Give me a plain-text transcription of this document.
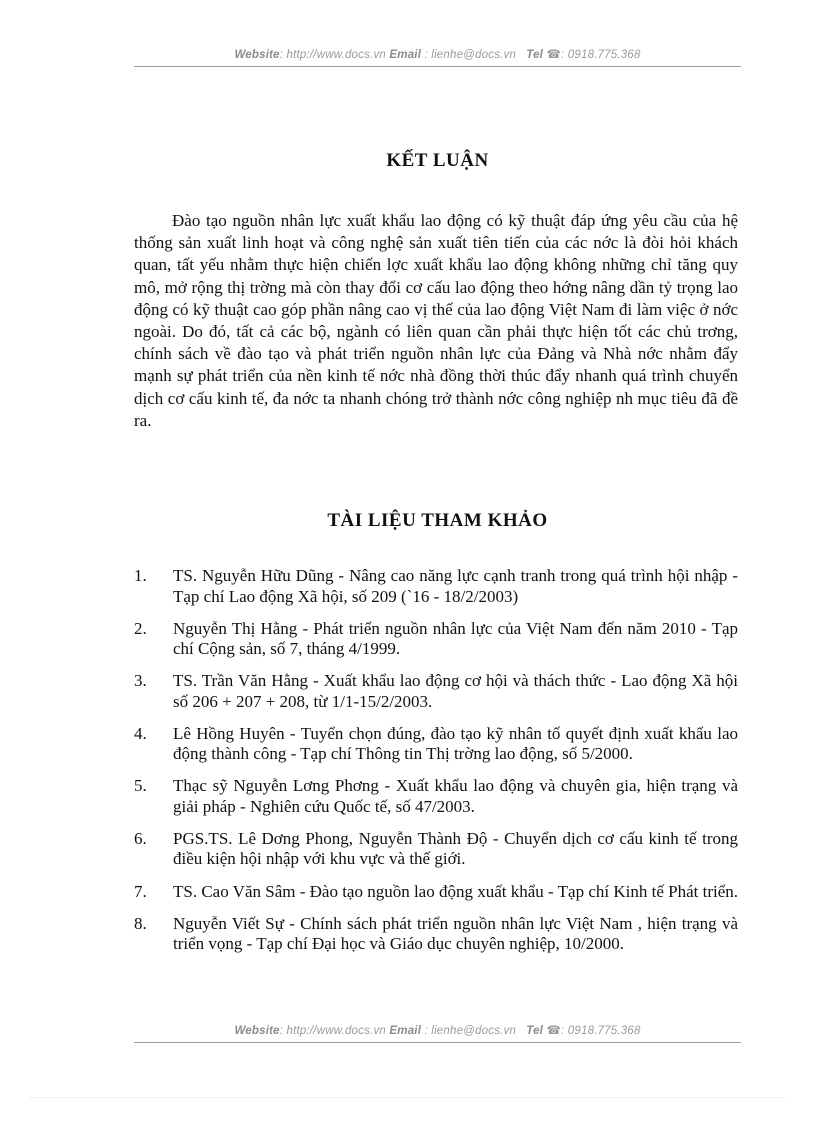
Website: http://www.docs.vn Email : lienhe@docs.vn Tel ☎: 0918.775.368
KẾT LUẬN

Đào tạo nguồn nhân lực xuất khẩu lao động có kỹ thuật đáp ứng yêu cầu của hệ thống sản xuất linh hoạt và công nghệ sản xuất tiên tiến của các nớc là đòi hỏi khách quan, tất yếu nhằm thực hiện chiến lợc xuất khẩu lao động không những chỉ tăng quy mô, mở rộng thị trờng mà còn thay đổi cơ cấu lao động theo hớng nâng dần tỷ trọng lao động có kỹ thuật cao góp phần nâng cao vị thế của lao động Việt Nam đi làm việc ở nớc ngoài. Do đó, tất cả các bộ, ngành có liên quan cần phải thực hiện tốt các chủ trơng, chính sách về đào tạo và phát triển nguồn nhân lực của Đảng và Nhà nớc nhằm đẩy mạnh sự phát triển của nền kinh tế nớc nhà đồng thời thúc đẩy nhanh quá trình chuyển dịch cơ cấu kinh tế, đa nớc ta nhanh chóng trở thành nớc công nghiệp nh mục tiêu đã đề ra.

TÀI LIỆU THAM KHẢO
1.	TS. Nguyễn Hữu Dũng - Nâng cao năng lực cạnh tranh trong quá trình hội nhập - Tạp chí Lao động Xã hội, số 209 (`16 - 18/2/2003)
2.	Nguyễn Thị Hằng - Phát triển nguồn nhân lực của Việt Nam đến năm 2010 - Tạp chí Cộng sản, số 7, tháng 4/1999.
3.	TS. Trần Văn Hằng - Xuất khẩu lao động cơ hội và thách thức - Lao động Xã hội số 206 + 207 + 208, từ 1/1-15/2/2003.
4.	Lê Hồng Huyên - Tuyển chọn đúng, đào tạo kỹ nhân tố quyết định xuất khẩu lao động thành công - Tạp chí Thông tin Thị trờng lao động, số 5/2000.
5.	Thạc sỹ Nguyễn Lơng Phơng - Xuất khẩu lao động và chuyên gia, hiện trạng và giải pháp - Nghiên cứu Quốc tế, số 47/2003.
6.	PGS.TS. Lê Dơng Phong, Nguyễn Thành Độ - Chuyển dịch cơ cấu kinh tế trong điều kiện hội nhập với khu vực và thế giới.
7.	TS. Cao Văn Sâm - Đào tạo nguồn lao động xuất khẩu - Tạp chí Kinh tế Phát triển.
8.	Nguyễn Viết Sự - Chính sách phát triển nguồn nhân lực Việt Nam , hiện trạng và triển vọng - Tạp chí Đại học và Giáo dục chuyên nghiệp, 10/2000.
Website: http://www.docs.vn Email : lienhe@docs.vn Tel ☎: 0918.775.368
